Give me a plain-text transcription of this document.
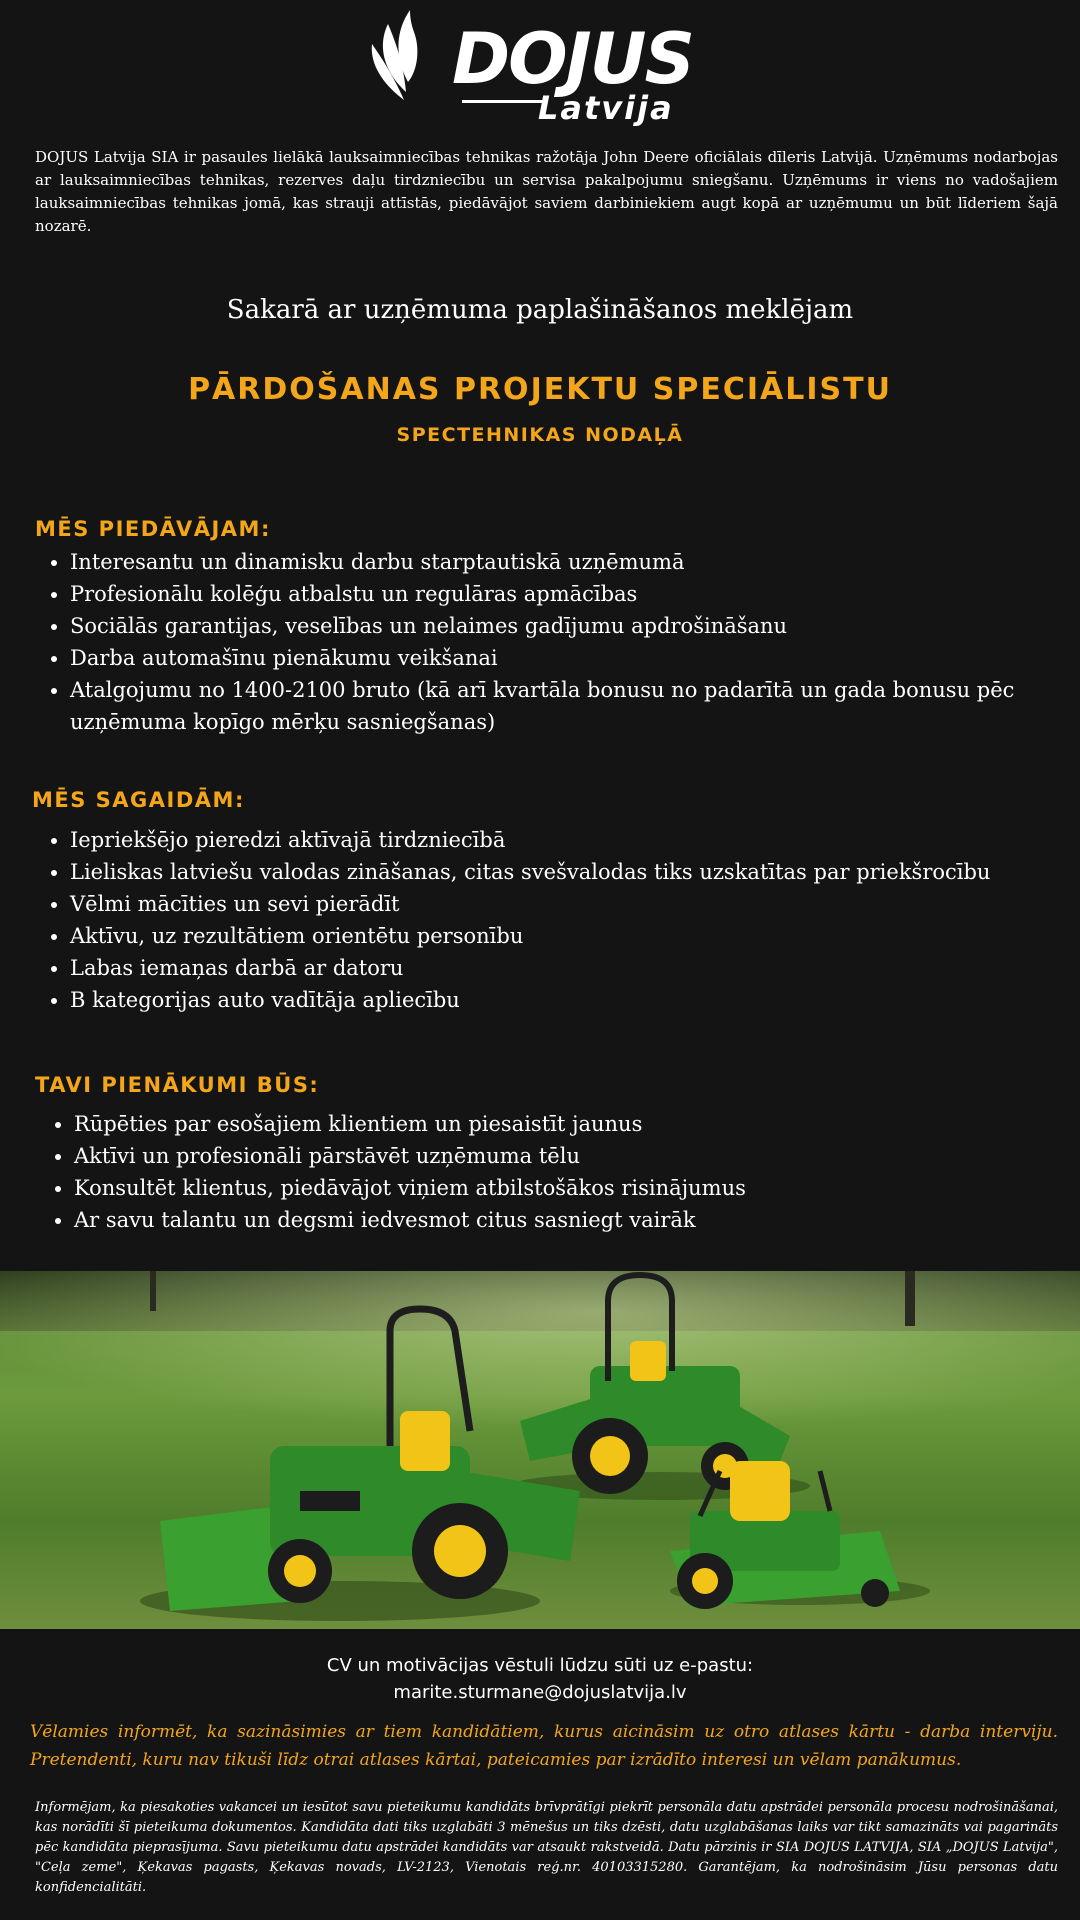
DOJUS
Latvija

DOJUS Latvija SIA ir pasaules lielākā lauksaimniecības tehnikas ražotāja John Deere oficiālais dīleris Latvijā. Uzņēmums nodarbojas ar lauksaimniecības tehnikas, rezerves daļu tirdzniecību un servisa pakalpojumu sniegšanu. Uzņēmums ir viens no vadošajiem lauksaimniecības tehnikas jomā, kas strauji attīstās, piedāvājot saviem darbiniekiem augt kopā ar uzņēmumu un būt līderiem šajā nozarē.

Sakarā ar uzņēmuma paplašināšanos meklējam

PĀRDOŠANAS PROJEKTU SPECIĀLISTU
SPECTEHNIKAS NODAĻĀ
MĒS PIEDĀVĀJAM:
• Interesantu un dinamisku darbu starptautiskā uzņēmumā
• Profesionālu kolēģu atbalstu un regulāras apmācības
• Sociālās garantijas, veselības un nelaimes gadījumu apdrošināšanu
• Darba automašīnu pienākumu veikšanai
• Atalgojumu no 1400-2100 bruto (kā arī kvartāla bonusu no padarītā un gada bonusu pēc uzņēmuma kopīgo mērķu sasniegšanas)
MĒS SAGAIDĀM:
• Iepriekšējo pieredzi aktīvajā tirdzniecībā
• Lieliskas latviešu valodas zināšanas, citas svešvalodas tiks uzskatītas par priekšrocību
• Vēlmi mācīties un sevi pierādīt
• Aktīvu, uz rezultātiem orientētu personību
• Labas iemaņas darbā ar datoru
• B kategorijas auto vadītāja apliecību
TAVI PIENĀKUMI BŪS:
• Rūpēties par esošajiem klientiem un piesaistīt jaunus
• Aktīvi un profesionāli pārstāvēt uzņēmuma tēlu
• Konsultēt klientus, piedāvājot viņiem atbilstošākos risinājumus
• Ar savu talantu un degsmi iedvesmot citus sasniegt vairāk

CV un motivācijas vēstuli lūdzu sūti uz e-pastu:

marite.sturmane@dojuslatvija.lv

Vēlamies informēt, ka sazināsimies ar tiem kandidātiem, kurus aicināsim uz otro atlases kārtu - darba interviju. Pretendenti, kuru nav tikuši līdz otrai atlases kārtai, pateicamies par izrādīto interesi un vēlam panākumus.

Informējam, ka piesakoties vakancei un iesūtot savu pieteikumu kandidāts brīvprātīgi piekrīt personāla datu apstrādei personāla procesu nodrošināšanai, kas norādīti šī pieteikuma dokumentos. Kandidāta dati tiks uzglabāti 3 mēnešus un tiks dzēsti, datu uzglabāšanas laiks var tikt samazināts vai pagarināts pēc kandidāta pieprasījuma. Savu pieteikumu datu apstrādei kandidāts var atsaukt rakstveidā. Datu pārzinis ir SIA DOJUS LATVIJA, SIA „DOJUS Latvija", "Ceļa zeme", Ķekavas pagasts, Ķekavas novads, LV-2123, Vienotais reģ.nr. 40103315280. Garantējam, ka nodrošināsim Jūsu personas datu konfidencialitāti.
